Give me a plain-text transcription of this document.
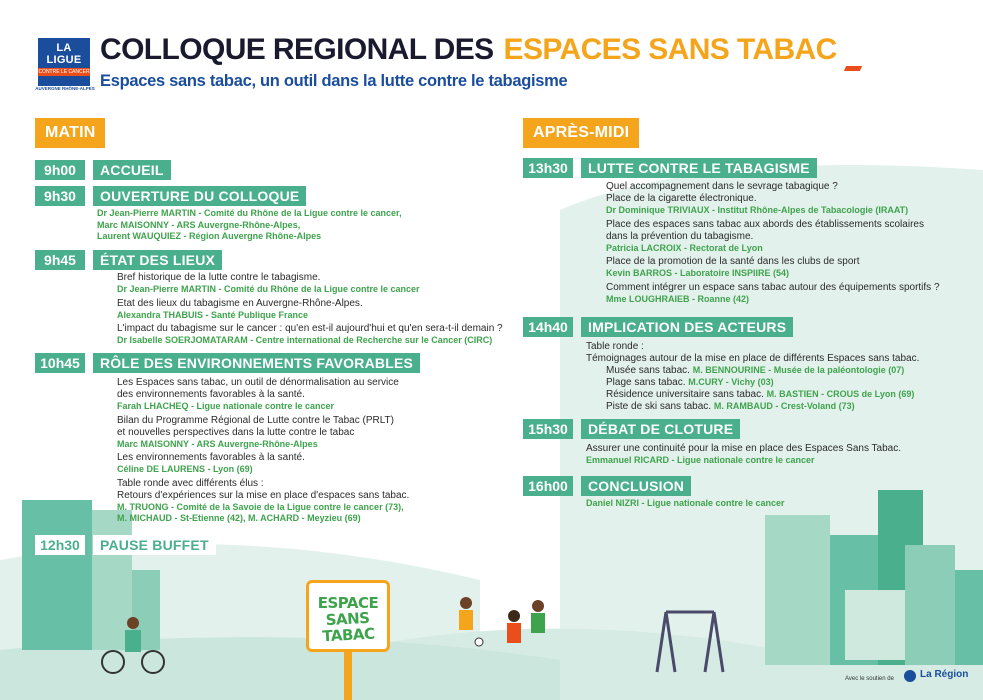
LA LIGUE
CONTRE LE CANCER
AUVERGNE RHÔNE-ALPES
COLLOQUE REGIONAL DES ESPACES SANS TABAC
Espaces sans tabac, un outil dans la lutte contre le tabagisme
MATIN
9h00	ACCUEIL
9h30	OUVERTURE DU COLLOQUE
Dr Jean-Pierre MARTIN - Comité du Rhône de la Ligue contre le cancer,
Marc MAISONNY - ARS Auvergne-Rhône-Alpes,
Laurent WAUQUIEZ - Région Auvergne Rhône-Alpes
9h45	ÉTAT DES LIEUX
Bref historique de la lutte contre le tabagisme.
Dr Jean-Pierre MARTIN - Comité du Rhône de la Ligue contre le cancer
Etat des lieux du tabagisme en Auvergne-Rhône-Alpes.
Alexandra THABUIS - Santé Publique France
L'impact du tabagisme sur le cancer : qu'en est-il aujourd'hui et qu'en sera-t-il demain ?
Dr Isabelle SOERJOMATARAM - Centre international de Recherche sur le Cancer (CIRC)
10h45	RÔLE DES ENVIRONNEMENTS FAVORABLES
Les Espaces sans tabac, un outil de dénormalisation au service
des environnements favorables à la santé.
Farah LHACHEQ - Ligue nationale contre le cancer
Bilan du Programme Régional de Lutte contre le Tabac (PRLT)
et nouvelles perspectives dans la lutte contre le tabac
Marc MAISONNY - ARS Auvergne-Rhône-Alpes
Les environnements favorables à la santé.
Céline DE LAURENS - Lyon (69)
Table ronde avec différents élus :
Retours d'expériences sur la mise en place d'espaces sans tabac.
M. TRUONG - Comité de la Savoie de la Ligue contre le cancer (73),
M. MICHAUD - St-Etienne (42), M. ACHARD - Meyzieu (69)
12h30	PAUSE BUFFET
APRÈS-MIDI
13h30	LUTTE CONTRE LE TABAGISME
Quel accompagnement dans le sevrage tabagique ?
Place de la cigarette électronique.
Dr Dominique TRIVIAUX - Institut Rhône-Alpes de Tabacologie (IRAAT)
Place des espaces sans tabac aux abords des établissements scolaires
dans la prévention du tabagisme.
Patricia LACROIX - Rectorat de Lyon
Place de la promotion de la santé dans les clubs de sport
Kevin BARROS - Laboratoire INSPIIRE (54)
Comment intégrer un espace sans tabac autour des équipements sportifs ?
Mme LOUGHRAIEB - Roanne (42)
14h40	IMPLICATION DES ACTEURS
Table ronde :
Témoignages autour de la mise en place de différents Espaces sans tabac.
Musée sans tabac. M. BENNOURINE - Musée de la paléontologie (07)
Plage sans tabac. M.CURY - Vichy (03)
Résidence universitaire sans tabac. M. BASTIEN - CROUS de Lyon (69)
Piste de ski sans tabac. M. RAMBAUD - Crest-Voland (73)
15h30	DÉBAT DE CLOTURE
Assurer une continuité pour la mise en place des Espaces Sans Tabac.
Emmanuel RICARD - Ligue nationale contre le cancer
16h00	CONCLUSION
Daniel NIZRI - Ligue nationale contre le cancer
ESPACE
SANS TABAC
Avec le soutien de	La Région
